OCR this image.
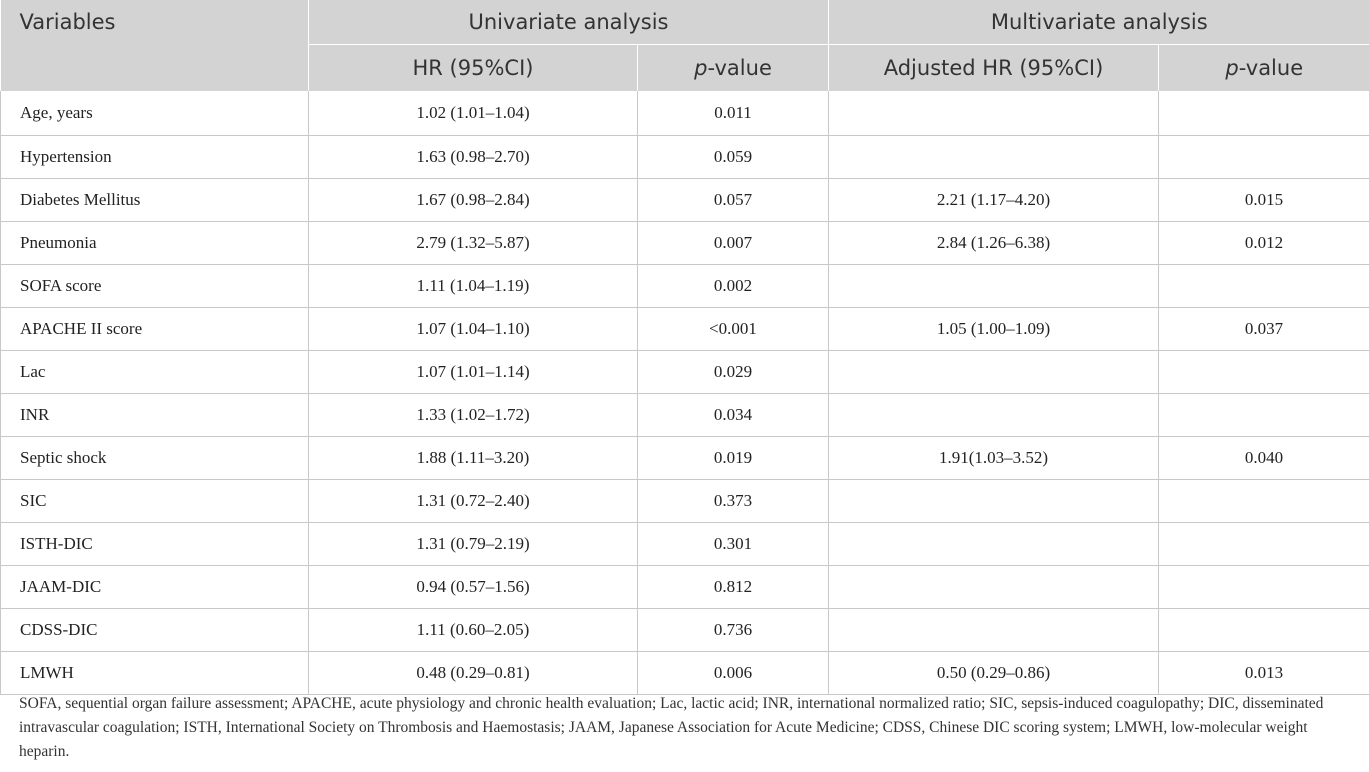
Variables	Univariate analysis		Multivariate analysis	
	HR (95%CI)	p-value	Adjusted HR (95%CI)	p-value
Age, years	1.02 (1.01–1.04)	0.011		
Hypertension	1.63 (0.98–2.70)	0.059		
Diabetes Mellitus	1.67 (0.98–2.84)	0.057	2.21 (1.17–4.20)	0.015
Pneumonia	2.79 (1.32–5.87)	0.007	2.84 (1.26–6.38)	0.012
SOFA score	1.11 (1.04–1.19)	0.002		
APACHE II score	1.07 (1.04–1.10)	<0.001	1.05 (1.00–1.09)	0.037
Lac	1.07 (1.01–1.14)	0.029		
INR	1.33 (1.02–1.72)	0.034		
Septic shock	1.88 (1.11–3.20)	0.019	1.91(1.03–3.52)	0.040
SIC	1.31 (0.72–2.40)	0.373		
ISTH-DIC	1.31 (0.79–2.19)	0.301		
JAAM-DIC	0.94 (0.57–1.56)	0.812		
CDSS-DIC	1.11 (0.60–2.05)	0.736		
LMWH	0.48 (0.29–0.81)	0.006	0.50 (0.29–0.86)	0.013

SOFA, sequential organ failure assessment; APACHE, acute physiology and chronic health evaluation; Lac, lactic acid; INR, international normalized ratio; SIC, sepsis-induced coagulopathy; DIC, disseminated intravascular coagulation; ISTH, International Society on Thrombosis and Haemostasis; JAAM, Japanese Association for Acute Medicine; CDSS, Chinese DIC scoring system; LMWH, low-molecular weight heparin.
